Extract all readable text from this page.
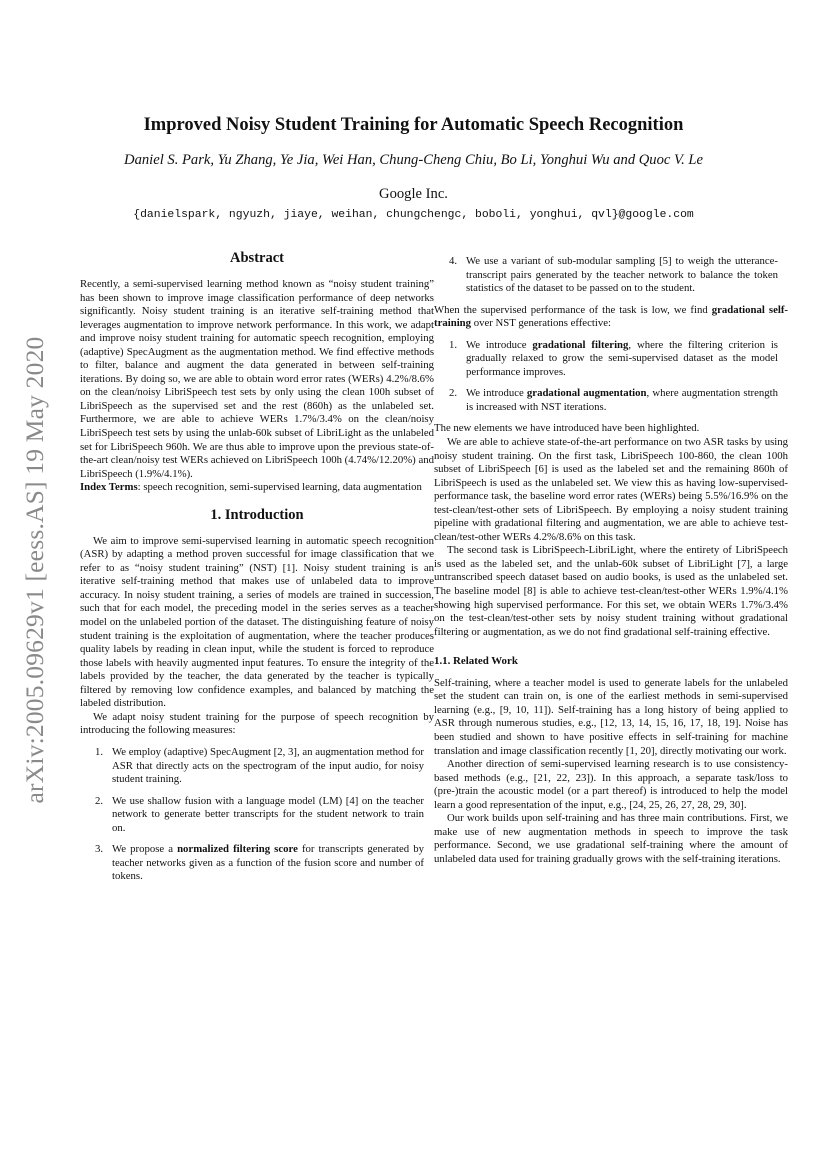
arXiv:2005.09629v1 [eess.AS] 19 May 2020
Improved Noisy Student Training for Automatic Speech Recognition
Daniel S. Park, Yu Zhang, Ye Jia, Wei Han, Chung-Cheng Chiu, Bo Li, Yonghui Wu and Quoc V. Le
Google Inc.
{danielspark, ngyuzh, jiaye, weihan, chungchengc, boboli, yonghui, qvl}@google.com
Abstract

Recently, a semi-supervised learning method known as “noisy student training” has been shown to improve image classification performance of deep networks significantly. Noisy student training is an iterative self-training method that leverages augmentation to improve network performance. In this work, we adapt and improve noisy student training for automatic speech recognition, employing (adaptive) SpecAugment as the augmentation method. We find effective methods to filter, balance and augment the data generated in between self-training iterations. By doing so, we are able to obtain word error rates (WERs) 4.2%/8.6% on the clean/noisy LibriSpeech test sets by only using the clean 100h subset of LibriSpeech as the supervised set and the rest (860h) as the unlabeled set. Furthermore, we are able to achieve WERs 1.7%/3.4% on the clean/noisy LibriSpeech test sets by using the unlab-60k subset of LibriLight as the unlabeled set for LibriSpeech 960h. We are thus able to improve upon the previous state-of-the-art clean/noisy test WERs achieved on LibriSpeech 100h (4.74%/12.20%) and LibriSpeech (1.9%/4.1%).

Index Terms: speech recognition, semi-supervised learning, data augmentation

1. Introduction

We aim to improve semi-supervised learning in automatic speech recognition (ASR) by adapting a method proven successful for image classification that we refer to as “noisy student training” (NST) [1]. Noisy student training is an iterative self-training method that makes use of unlabeled data to improve accuracy. In noisy student training, a series of models are trained in succession, such that for each model, the preceding model in the series serves as a teacher model on the unlabeled portion of the dataset. The distinguishing feature of noisy student training is the exploitation of augmentation, where the teacher produces quality labels by reading in clean input, while the student is forced to reproduce those labels with heavily augmented input features. To ensure the integrity of the labels provided by the teacher, the data generated by the teacher is typically filtered by removing low confidence examples, and balanced by matching the labeled distribution.

We adapt noisy student training for the purpose of speech recognition by introducing the following measures:

1. We employ (adaptive) SpecAugment [2, 3], an augmentation method for ASR that directly acts on the spectrogram of the input audio, for noisy student training.
2. We use shallow fusion with a language model (LM) [4] on the teacher network to generate better transcripts for the student network to train on.
3. We propose a normalized filtering score for transcripts generated by teacher networks given as a function of the fusion score and number of tokens.
4. We use a variant of sub-modular sampling [5] to weigh the utterance-transcript pairs generated by the teacher network to balance the token statistics of the dataset to be passed on to the student.

When the supervised performance of the task is low, we find gradational self-training over NST generations effective:

1. We introduce gradational filtering, where the filtering criterion is gradually relaxed to grow the semi-supervised dataset as the model performance improves.
2. We introduce gradational augmentation, where augmentation strength is increased with NST iterations.

The new elements we have introduced have been highlighted.

We are able to achieve state-of-the-art performance on two ASR tasks by using noisy student training. On the first task, LibriSpeech 100-860, the clean 100h subset of LibriSpeech [6] is used as the labeled set and the remaining 860h of LibriSpeech is used as the unlabeled set. We view this as having low-supervised-performance task, the baseline word error rates (WERs) being 5.5%/16.9% on the test-clean/test-other sets of LibriSpeech. By employing a noisy student training pipeline with gradational filtering and augmentation, we are able to achieve test-clean/test-other WERs 4.2%/8.6% on this task.

The second task is LibriSpeech-LibriLight, where the entirety of LibriSpeech is used as the labeled set, and the unlab-60k subset of LibriLight [7], a large untranscribed speech dataset based on audio books, is used as the unlabeled set. The baseline model [8] is able to achieve test-clean/test-other WERs 1.9%/4.1% showing high supervised performance. For this set, we obtain WERs 1.7%/3.4% on the test-clean/test-other sets by noisy student training without gradational filtering or augmentation, as we do not find gradational self-training effective.

1.1. Related Work

Self-training, where a teacher model is used to generate labels for the unlabeled set the student can train on, is one of the earliest methods in semi-supervised learning (e.g., [9, 10, 11]). Self-training has a long history of being applied to ASR through numerous studies, e.g., [12, 13, 14, 15, 16, 17, 18, 19]. Noise has been studied and shown to have positive effects in self-training for machine translation and image classification recently [1, 20], directly motivating our work.

Another direction of semi-supervised learning research is to use consistency-based methods (e.g., [21, 22, 23]). In this approach, a separate task/loss to (pre-)train the acoustic model (or a part thereof) is introduced to help the model learn a good representation of the input, e.g., [24, 25, 26, 27, 28, 29, 30].

Our work builds upon self-training and has three main contributions. First, we make use of new augmentation methods in speech to improve the task performance. Second, we use gradational self-training where the amount of unlabeled data used for training gradually grows with the self-training iterations.
